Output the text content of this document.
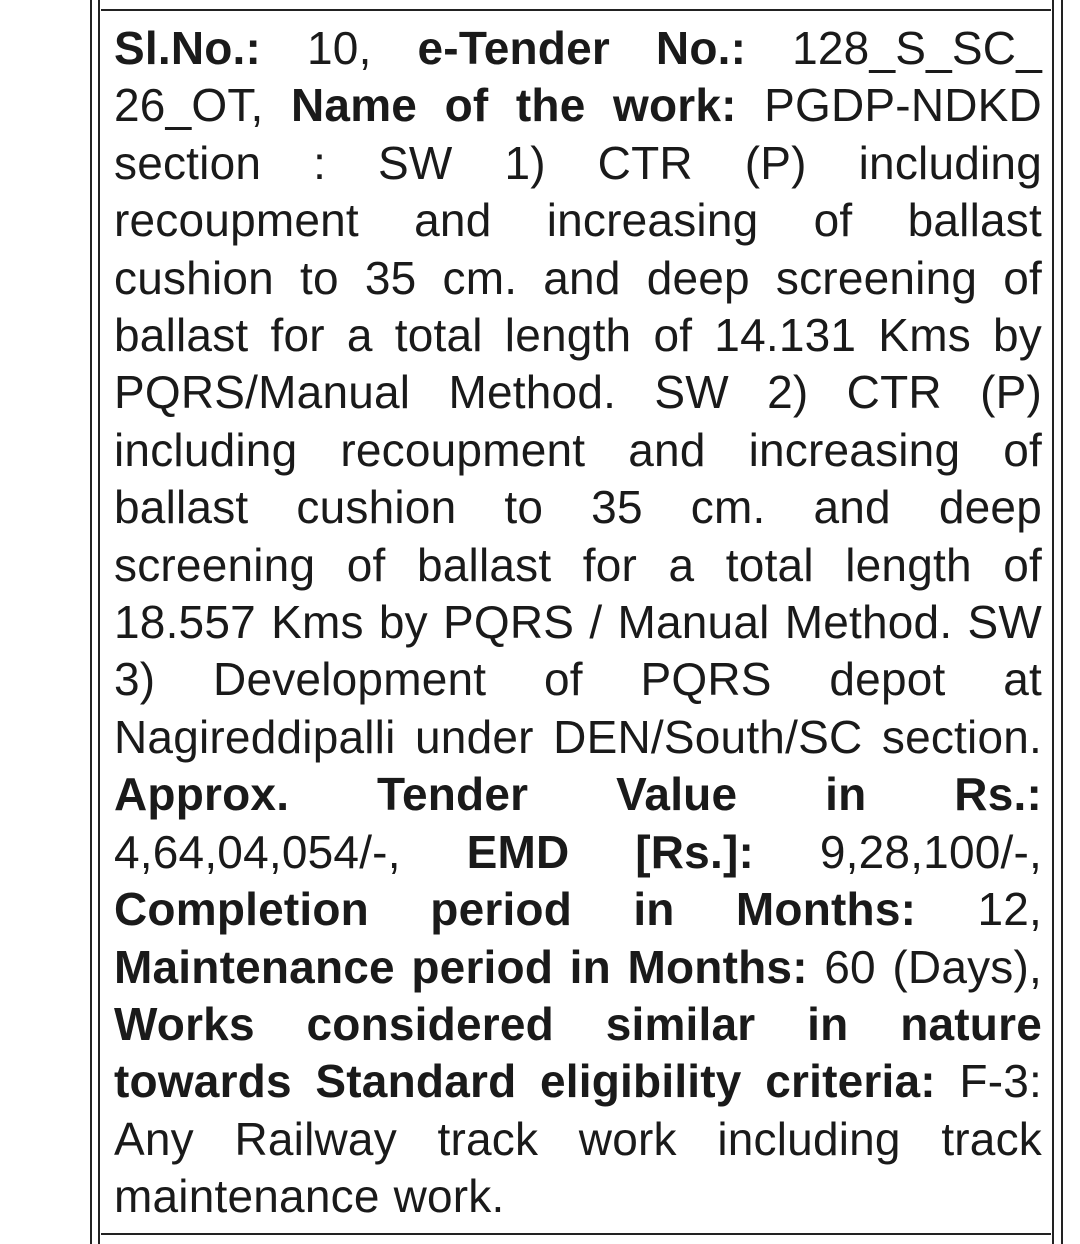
Sl.No.: 10, e-Tender No.: 128_S_SC_ 26_OT, Name of the work: PGDP-NDKD section : SW 1) CTR (P) including recoupment and increasing of ballast cushion to 35 cm. and deep screening of ballast for a total length of 14.131 Kms by PQRS/Manual Method. SW 2) CTR (P) including recoupment and increasing of ballast cushion to 35 cm. and deep screening of ballast for a total length of 18.557 Kms by PQRS / Manual Method. SW 3) Development of PQRS depot at Nagireddipalli under DEN/South/SC section. Approx. Tender Value in Rs.: 4,64,04,054/-, EMD [Rs.]: 9,28,100/-, Completion period in Months: 12, Maintenance period in Months: 60 (Days), Works considered similar in nature towards Standard eligibility criteria: F-3: Any Railway track work including track maintenance work.
